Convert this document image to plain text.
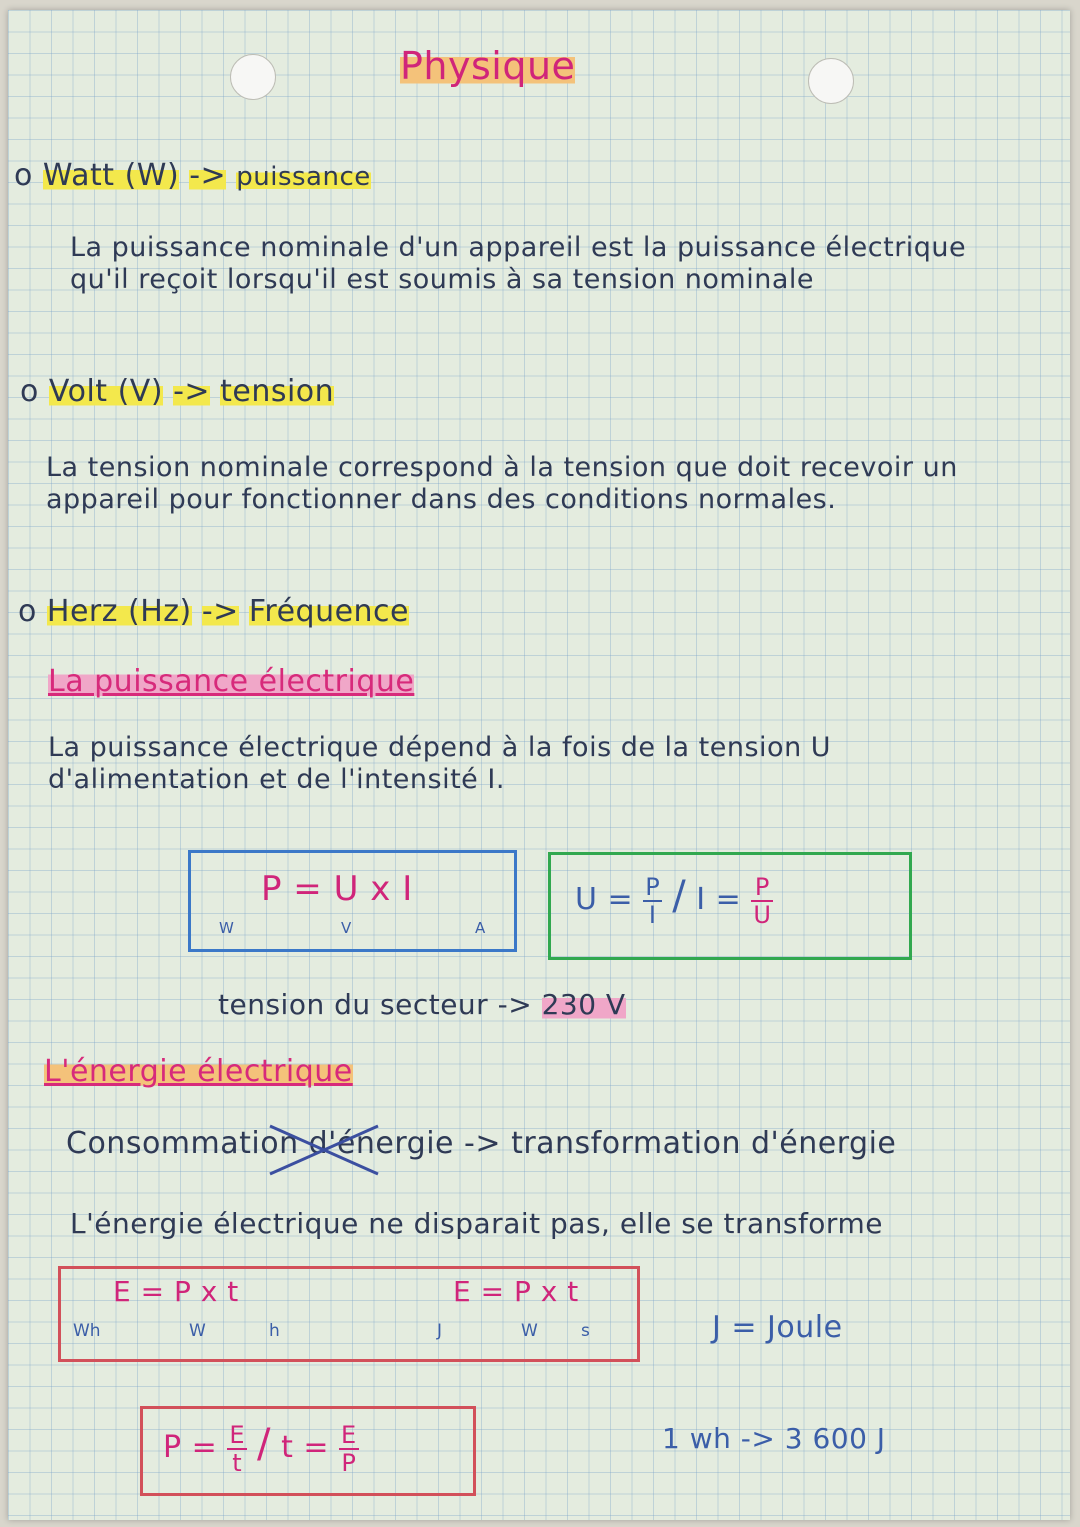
Physique

o Watt (W) -> puissance

La puissance nominale d'un appareil est la puissance électrique qu'il reçoit lorsqu'il est soumis à sa tension nominale

o Volt (V) -> tension

La tension nominale correspond à la tension que doit recevoir un appareil pour fonctionner dans des conditions normales.

o Herz (Hz) -> Fréquence

La puissance électrique

La puissance électrique dépend à la fois de la tension U d'alimentation et de l'intensité I.

P = U x I
W	V	A
$U = \frac{P}{I} / I = \frac{P}{U}$
tension du secteur -> 230 V

L'énergie électrique

Consommation d'énergie -> transformation d'énergie

L'énergie électrique ne disparait pas, elle se transforme

E = P x t
Wh	W	h
E = P x t
J	W	s	J = Joule

$P = \frac{E}{t} / t = \frac{E}{P}$	1 wh -> 3 600 J
